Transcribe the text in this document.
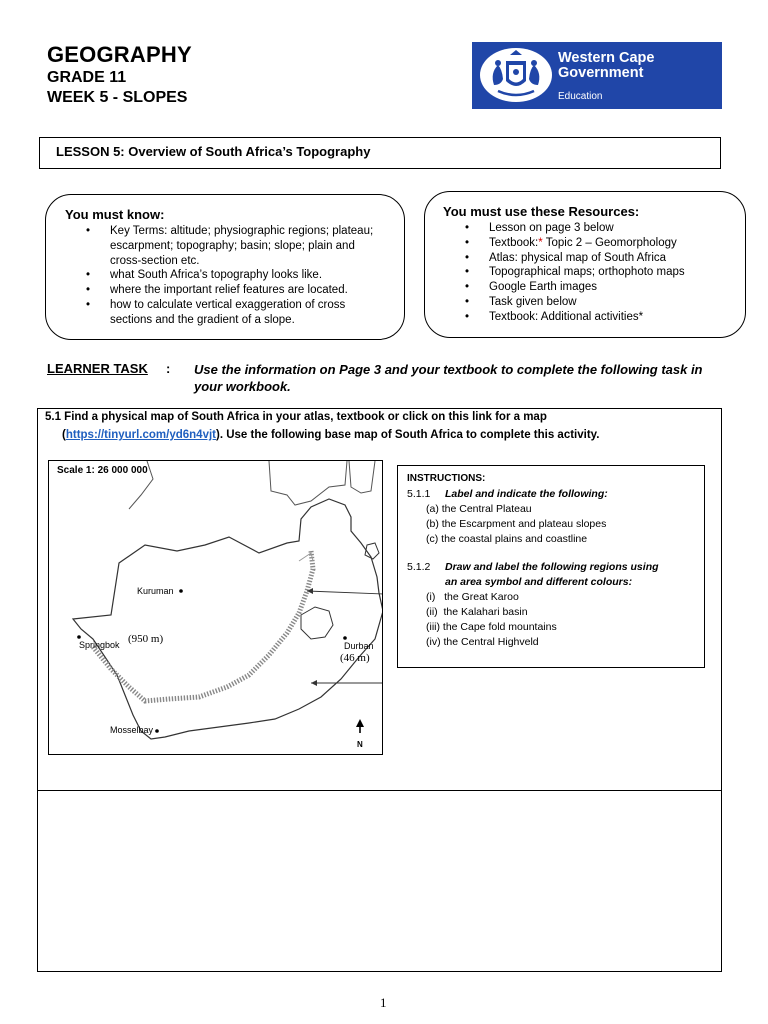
GEOGRAPHY
GRADE 11
WEEK 5 - SLOPES
Western Cape
Government
Education
LESSON 5: Overview of South Africa’s Topography
You must know:
• Key Terms: altitude; physiographic regions; plateau; escarpment; topography; basin; slope; plain and cross-section etc.
• what South Africa’s topography looks like.
• where the important relief features are located.
• how to calculate vertical exaggeration of cross sections and the gradient of a slope.
You must use these Resources:
• Lesson on page 3 below
• Textbook:* Topic 2 – Geomorphology
• Atlas: physical map of South Africa
• Topographical maps; orthophoto maps
• Google Earth images
• Task given below
• Textbook: Additional activities*
LEARNER TASK : Use the information on Page 3 and your textbook to complete the following task in your workbook.
5.1 Find a physical map of South Africa in your atlas, textbook or click on this link for a map
(https://tinyurl.com/yd6n4vjt). Use the following base map of South Africa to complete this activity.
Scale 1: 26 000 000
Kuruman
Springbok (950 m)
Durban
(46 m)
Mosselbay
N
INSTRUCTIONS:
5.1.1 Label and indicate the following:
(a) the Central Plateau
(b) the Escarpment and plateau slopes
(c) the coastal plains and coastline
5.1.2 Draw and label the following regions using
an area symbol and different colours:
(i)   the Great Karoo
(ii)  the Kalahari basin
(iii) the Cape fold mountains
(iv) the Central Highveld
1
